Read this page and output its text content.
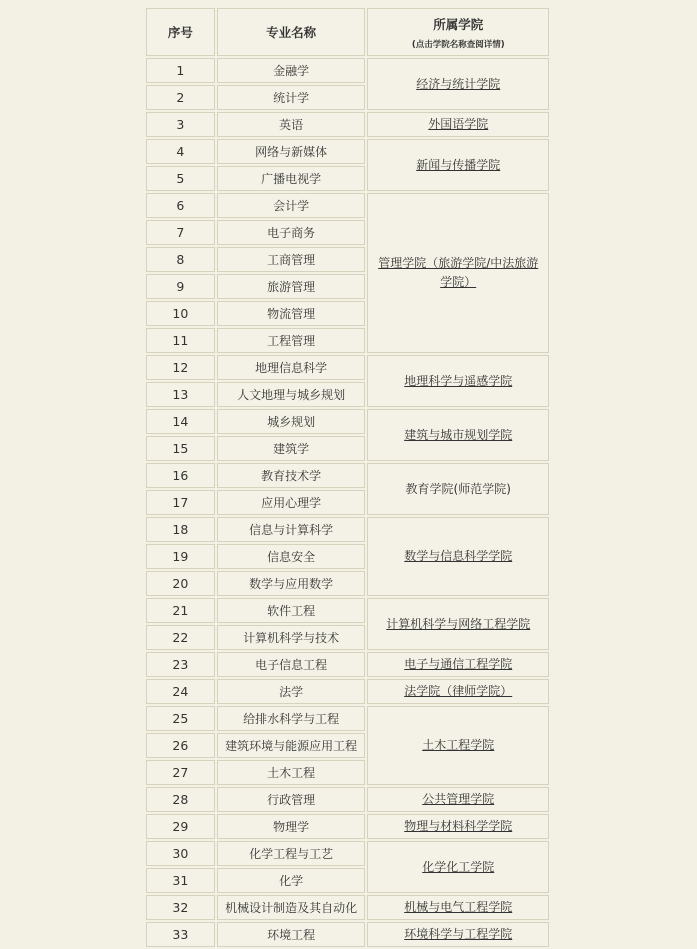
序号	专业名称	所属学院
(点击学院名称查阅详情)

1	金融学	经济与统计学院
2	统计学	
3	英语	外国语学院
4	网络与新媒体	新闻与传播学院
5	广播电视学	
6	会计学	管理学院（旅游学院/中法旅游学院）
7	电子商务	
8	工商管理	
9	旅游管理	
10	物流管理	
11	工程管理	
12	地理信息科学	地理科学与遥感学院
13	人文地理与城乡规划	
14	城乡规划	建筑与城市规划学院
15	建筑学	
16	教育技术学	教育学院(师范学院)
17	应用心理学	
18	信息与计算科学	数学与信息科学学院
19	信息安全	
20	数学与应用数学	
21	软件工程	计算机科学与网络工程学院
22	计算机科学与技术	
23	电子信息工程	电子与通信工程学院
24	法学	法学院（律师学院）
25	给排水科学与工程	土木工程学院
26	建筑环境与能源应用工程	
27	土木工程	
28	行政管理	公共管理学院
29	物理学	物理与材料科学学院
30	化学工程与工艺	化学化工学院
31	化学	
32	机械设计制造及其自动化	机械与电气工程学院
33	环境工程	环境科学与工程学院
